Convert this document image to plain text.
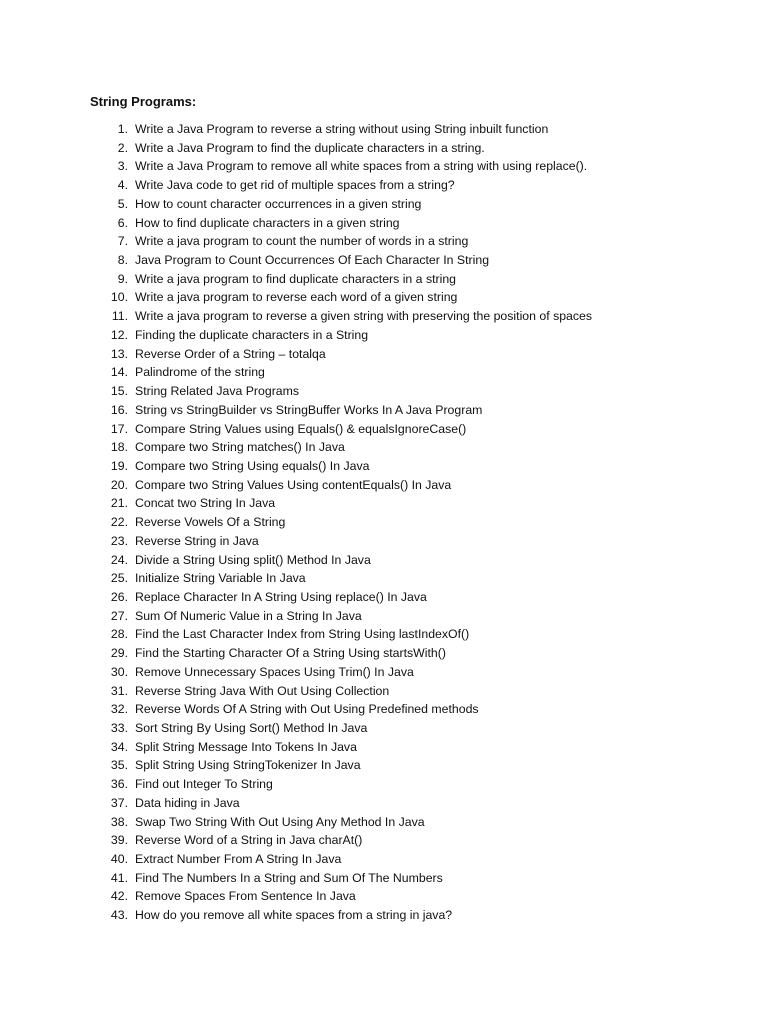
String Programs:
1. Write a Java Program to reverse a string without using String inbuilt function
2. Write a Java Program to find the duplicate characters in a string.
3. Write a Java Program to remove all white spaces from a string with using replace().
4. Write Java code to get rid of multiple spaces from a string?
5. How to count character occurrences in a given string
6. How to find duplicate characters in a given string
7. Write a java program to count the number of words in a string
8. Java Program to Count Occurrences Of Each Character In String
9. Write a java program to find duplicate characters in a string
10. Write a java program to reverse each word of a given string
11. Write a java program to reverse a given string with preserving the position of spaces
12. Finding the duplicate characters in a String
13. Reverse Order of a String – totalqa
14. Palindrome of the string
15. String Related Java Programs
16. String vs StringBuilder vs StringBuffer Works In A Java Program
17. Compare String Values using Equals() & equalsIgnoreCase()
18. Compare two String matches() In Java
19. Compare two String Using equals() In Java
20. Compare two String Values Using contentEquals() In Java
21. Concat two String In Java
22. Reverse Vowels Of a String
23. Reverse String in Java
24. Divide a String Using split() Method In Java
25. Initialize String Variable In Java
26. Replace Character In A String Using replace() In Java
27. Sum Of Numeric Value in a String In Java
28. Find the Last Character Index from String Using lastIndexOf()
29. Find the Starting Character Of a String Using startsWith()
30. Remove Unnecessary Spaces Using Trim() In Java
31. Reverse String Java With Out Using Collection
32. Reverse Words Of A String with Out Using Predefined methods
33. Sort String By Using Sort() Method In Java
34. Split String Message Into Tokens In Java
35. Split String Using StringTokenizer In Java
36. Find out Integer To String
37. Data hiding in Java
38. Swap Two String With Out Using Any Method In Java
39. Reverse Word of a String in Java charAt()
40. Extract Number From A String In Java
41. Find The Numbers In a String and Sum Of The Numbers
42. Remove Spaces From Sentence In Java
43. How do you remove all white spaces from a string in java?
